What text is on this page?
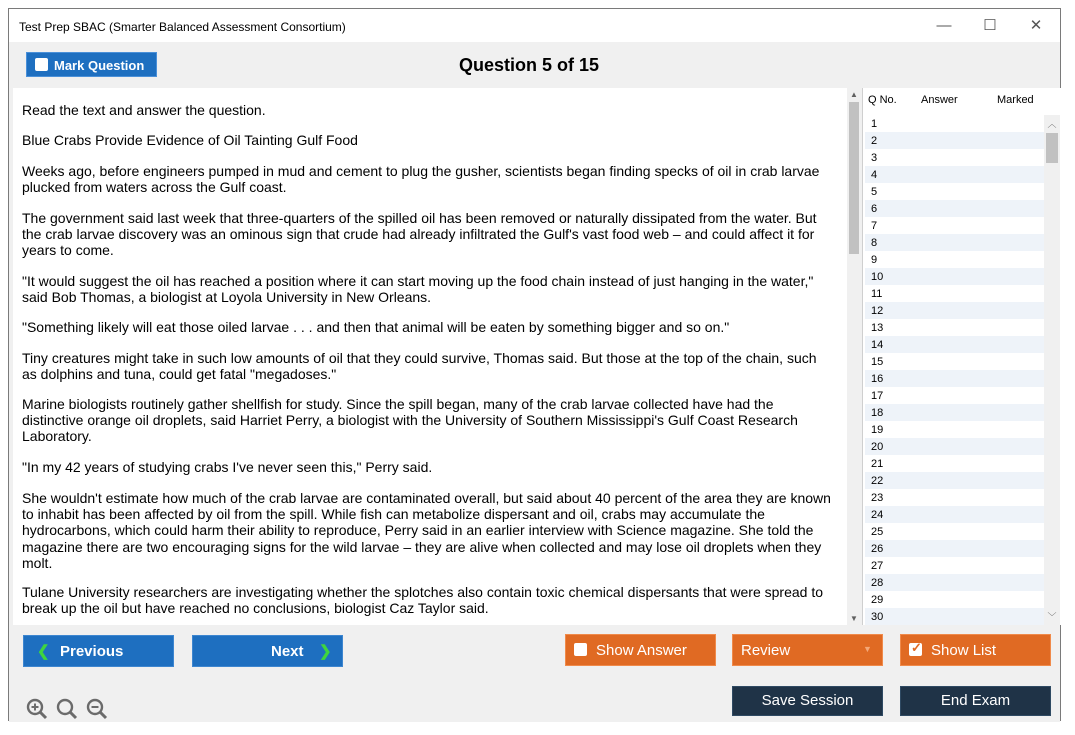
Test Prep SBAC (Smarter Balanced Assessment Consortium)	—	☐	✕
Mark Question	Question 5 of 15

Read the text and answer the question.

Blue Crabs Provide Evidence of Oil Tainting Gulf Food

Weeks ago, before engineers pumped in mud and cement to plug the gusher, scientists began finding specks of oil in crab larvae plucked from waters across the Gulf coast.

The government said last week that three-quarters of the spilled oil has been removed or naturally dissipated from the water. But the crab larvae discovery was an ominous sign that crude had already infiltrated the Gulf's vast food web – and could affect it for years to come.

"It would suggest the oil has reached a position where it can start moving up the food chain instead of just hanging in the water," said Bob Thomas, a biologist at Loyola University in New Orleans.

"Something likely will eat those oiled larvae . . . and then that animal will be eaten by something bigger and so on."

Tiny creatures might take in such low amounts of oil that they could survive, Thomas said. But those at the top of the chain, such as dolphins and tuna, could get fatal "megadoses."

Marine biologists routinely gather shellfish for study. Since the spill began, many of the crab larvae collected have had the distinctive orange oil droplets, said Harriet Perry, a biologist with the University of Southern Mississippi's Gulf Coast Research Laboratory.

"In my 42 years of studying crabs I've never seen this," Perry said.

She wouldn't estimate how much of the crab larvae are contaminated overall, but said about 40 percent of the area they are known to inhabit has been affected by oil from the spill. While fish can metabolize dispersant and oil, crabs may accumulate the hydrocarbons, which could harm their ability to reproduce, Perry said in an earlier interview with Science magazine. She told the magazine there are two encouraging signs for the wild larvae – they are alive when collected and may lose oil droplets when they molt.

Tulane University researchers are investigating whether the splotches also contain toxic chemical dispersants that were spread to break up the oil but have reached no conclusions, biologist Caz Taylor said.

▲
▼
Q No. Answer	Marked
1
2
3
4
5
6
7
8
9
10
11
12
13
14
15
16
17
18
19
20
21
22
23
24
25
26
27
28
29
30
︿
﹀
❮ Previous	Next ❯	Show Answer	Review	▼	✓ Show List
Save Session	End Exam
